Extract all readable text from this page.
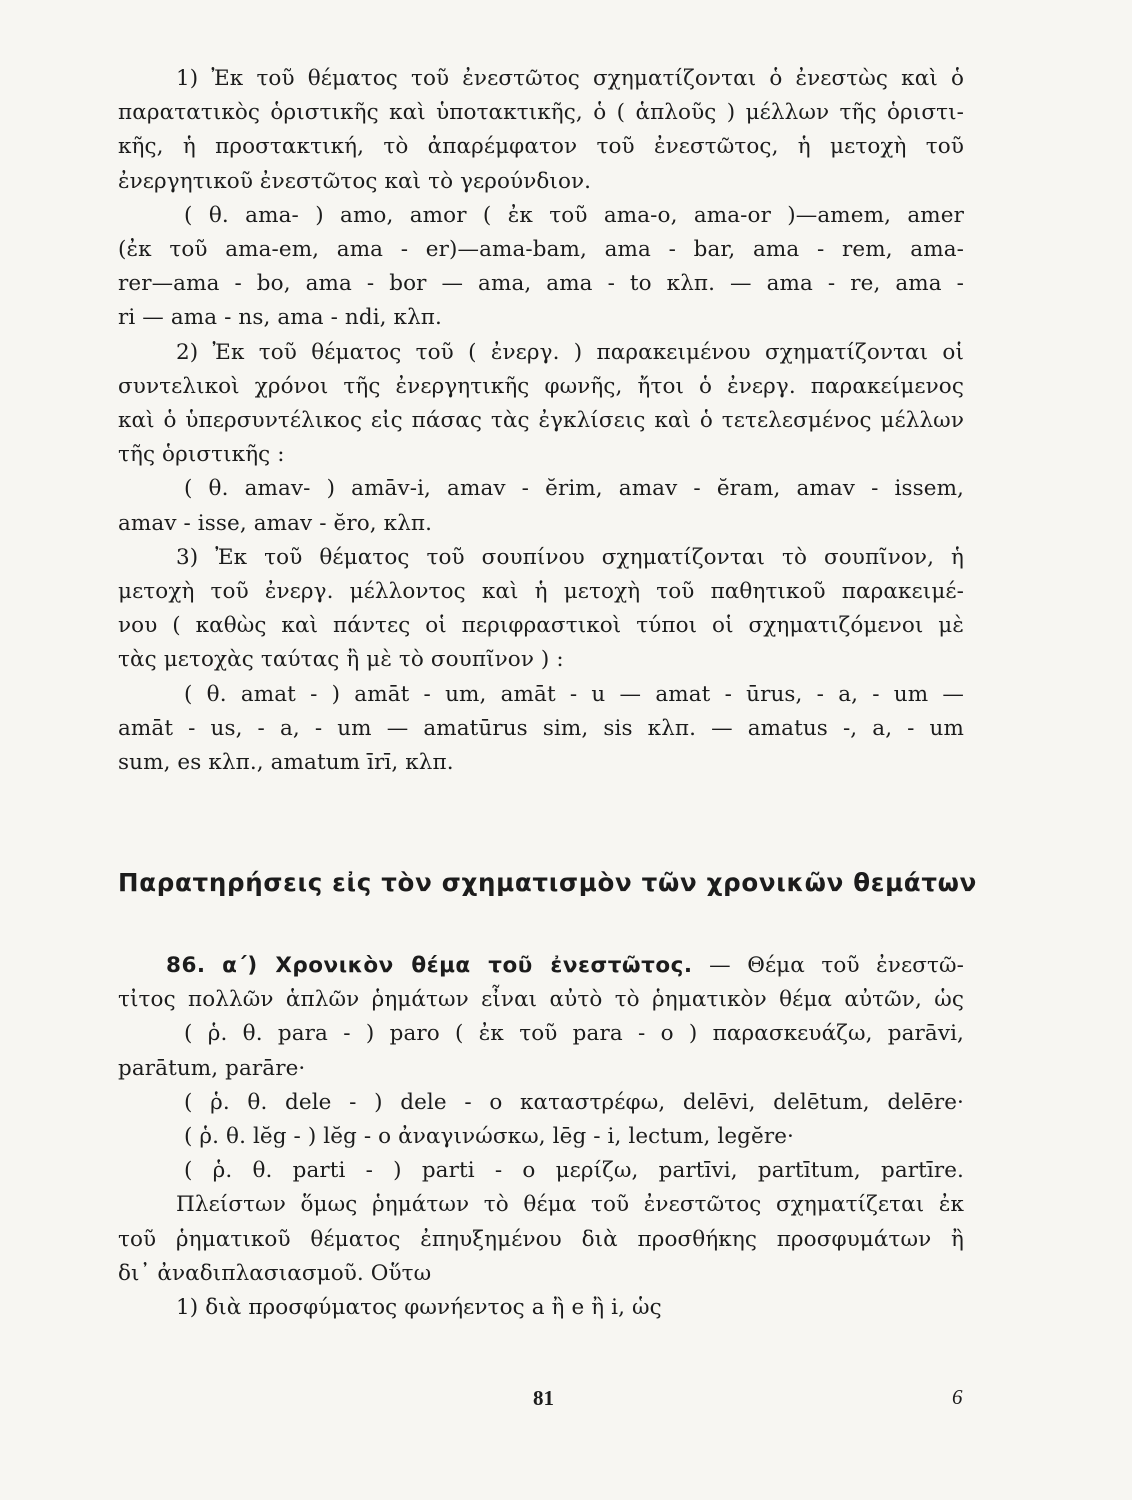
1) Ἐκ τοῦ θέματος τοῦ ἐνεστῶτος σχηματίζονται ὁ ἐνεστὼς καὶ ὁ
παρατατικὸς ὁριστικῆς καὶ ὑποτακτικῆς, ὁ ( ἁπλοῦς ) μέλλων τῆς ὁριστι-
κῆς, ἡ προστακτική, τὸ ἀπαρέμφατον τοῦ ἐνεστῶτος, ἡ μετοχὴ τοῦ
ἐνεργητικοῦ ἐνεστῶτος καὶ τὸ γερούνδιον.
( θ. ama- ) amo, amor ( ἐκ τοῦ ama-o, ama-or )—amem, amer
(ἐκ τοῦ ama-em, ama - er)—ama-bam, ama - bar, ama - rem, ama-
rer—ama - bo, ama - bor — ama, ama - to κλπ. — ama - re, ama -
ri — ama - ns, ama - ndi, κλπ.
2) Ἐκ τοῦ θέματος τοῦ ( ἐνεργ. ) παρακειμένου σχηματίζονται οἱ
συντελικοὶ χρόνοι τῆς ἐνεργητικῆς φωνῆς, ἤτοι ὁ ἐνεργ. παρακείμενος
καὶ ὁ ὑπερσυντέλικος εἰς πάσας τὰς ἐγκλίσεις καὶ ὁ τετελεσμένος μέλλων
τῆς ὁριστικῆς :
( θ. amav- ) amāv-i, amav - ĕrim, amav - ĕram, amav - issem,
amav - isse, amav - ĕro, κλπ.
3) Ἐκ τοῦ θέματος τοῦ σουπίνου σχηματίζονται τὸ σουπῖνον, ἡ
μετοχὴ τοῦ ἐνεργ. μέλλοντος καὶ ἡ μετοχὴ τοῦ παθητικοῦ παρακειμέ-
νου ( καθὼς καὶ πάντες οἱ περιφραστικοὶ τύποι οἱ σχηματιζόμενοι μὲ
τὰς μετοχὰς ταύτας ἢ μὲ τὸ σουπῖνον ) :
( θ. amat - ) amāt - um, amāt - u — amat - ūrus, - a, - um —
amāt - us, - a, - um — amatūrus sim, sis κλπ. — amatus -, a, - um
sum, es κλπ., amatum īrī, κλπ.
Παρατηρήσεις εἰς τὸν σχηματισμὸν τῶν χρονικῶν θεμάτων
86. α΄) Χρονικὸν θέμα τοῦ ἐνεστῶτος. — Θέμα τοῦ ἐνεστῶ-
τἰτος πολλῶν ἁπλῶν ῥημάτων εἶναι αὐτὸ τὸ ῥηματικὸν θέμα αὐτῶν, ὡς
( ῥ. θ. para - ) paro ( ἐκ τοῦ para - o ) παρασκευάζω, parāvi,
parātum, parāre·
( ῥ. θ. dele - ) dele - o καταστρέφω, delēvi, delētum, delēre·
( ῥ. θ. lĕg - ) lĕg - o ἀναγινώσκω, lēg - i, lectum, legĕre·
( ῥ. θ. parti - ) parti - o μερίζω, partīvi, partītum, partīre.
Πλείστων ὅμως ῥημάτων τὸ θέμα τοῦ ἐνεστῶτος σχηματίζεται ἐκ
τοῦ ῥηματικοῦ θέματος ἐπηυξημένου διὰ προσθήκης προσφυμάτων ἢ
δι᾽ ἀναδιπλασιασμοῦ. Οὕτω
1) διὰ προσφύματος φωνήεντος a ἢ e ἢ i, ὡς
81	6
